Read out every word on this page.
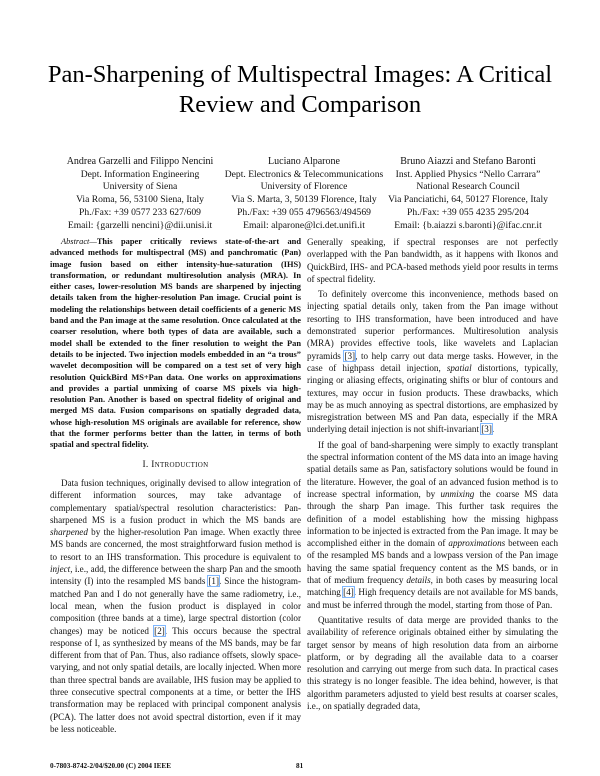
Pan-Sharpening of Multispectral Images: A Critical Review and Comparison
Andrea Garzelli and Filippo Nencini
Dept. Information Engineering
University of Siena
Via Roma, 56, 53100 Siena, Italy
Ph./Fax: +39 0577 233 627/609
Email: {garzelli nencini}@dii.unisi.it
Luciano Alparone
Dept. Electronics & Telecommunications
University of Florence
Via S. Marta, 3, 50139 Florence, Italy
Ph./Fax: +39 055 4796563/494569
Email: alparone@lci.det.unifi.it
Bruno Aiazzi and Stefano Baronti
Inst. Applied Physics “Nello Carrara”
National Research Council
Via Panciatichi, 64, 50127 Florence, Italy
Ph./Fax: +39 055 4235 295/204
Email: {b.aiazzi s.baronti}@ifac.cnr.it

Abstract—This paper critically reviews state-of-the-art and advanced methods for multispectral (MS) and panchromatic (Pan) image fusion based on either intensity-hue-saturation (IHS) transformation, or redundant multiresolution analysis (MRA). In either cases, lower-resolution MS bands are sharpened by injecting details taken from the higher-resolution Pan image. Crucial point is modeling the relationships between detail coefficients of a generic MS band and the Pan image at the same resolution. Once calculated at the coarser resolution, where both types of data are available, such a model shall be extended to the finer resolution to weight the Pan details to be injected. Two injection models embedded in an “a trous” wavelet decomposition will be compared on a test set of very high resolution QuickBird MS+Pan data. One works on approximations and provides a partial unmixing of coarse MS pixels via high-resolution Pan. Another is based on spectral fidelity of original and merged MS data. Fusion comparisons on spatially degraded data, whose high-resolution MS originals are available for reference, show that the former performs better than the latter, in terms of both spatial and spectral fidelity.

I. Introduction

Data fusion techniques, originally devised to allow integration of different information sources, may take advantage of complementary spatial/spectral resolution characteristics: Pan-sharpened MS is a fusion product in which the MS bands are sharpened by the higher-resolution Pan image. When exactly three MS bands are concerned, the most straightforward fusion method is to resort to an IHS transformation. This procedure is equivalent to inject, i.e., add, the difference between the sharp Pan and the smooth intensity (I) into the resampled MS bands [1]. Since the histogram-matched Pan and I do not generally have the same radiometry, i.e., local mean, when the fusion product is displayed in color composition (three bands at a time), large spectral distortion (color changes) may be noticed [2]. This occurs because the spectral response of I, as synthesized by means of the MS bands, may be far different from that of Pan. Thus, also radiance offsets, slowly space-varying, and not only spatial details, are locally injected. When more than three spectral bands are available, IHS fusion may be applied to three consecutive spectral components at a time, or better the IHS transformation may be replaced with principal component analysis (PCA). The latter does not avoid spectral distortion, even if it may be less noticeable.

Generally speaking, if spectral responses are not perfectly overlapped with the Pan bandwidth, as it happens with Ikonos and QuickBird, IHS- and PCA-based methods yield poor results in terms of spectral fidelity.

To definitely overcome this inconvenience, methods based on injecting spatial details only, taken from the Pan image without resorting to IHS transformation, have been introduced and have demonstrated superior performances. Multiresolution analysis (MRA) provides effective tools, like wavelets and Laplacian pyramids [3], to help carry out data merge tasks. However, in the case of highpass detail injection, spatial distortions, typically, ringing or aliasing effects, originating shifts or blur of contours and textures, may occur in fusion products. These drawbacks, which may be as much annoying as spectral distortions, are emphasized by misregistration between MS and Pan data, especially if the MRA underlying detail injection is not shift-invariant [3].

If the goal of band-sharpening were simply to exactly transplant the spectral information content of the MS data into an image having spatial details same as Pan, satisfactory solutions would be found in the literature. However, the goal of an advanced fusion method is to increase spectral information, by unmixing the coarse MS data through the sharp Pan image. This further task requires the definition of a model establishing how the missing highpass information to be injected is extracted from the Pan image. It may be accomplished either in the domain of approximations between each of the resampled MS bands and a lowpass version of the Pan image having the same spatial frequency content as the MS bands, or in that of medium frequency details, in both cases by measuring local matching [4]. High frequency details are not available for MS bands, and must be inferred through the model, starting from those of Pan.

Quantitative results of data merge are provided thanks to the availability of reference originals obtained either by simulating the target sensor by means of high resolution data from an airborne platform, or by degrading all the available data to a coarser resolution and carrying out merge from such data. In practical cases this strategy is no longer feasible. The idea behind, however, is that algorithm parameters adjusted to yield best results at coarser scales, i.e., on spatially degraded data,

0-7803-8742-2/04/$20.00 (C) 2004 IEEE	81
